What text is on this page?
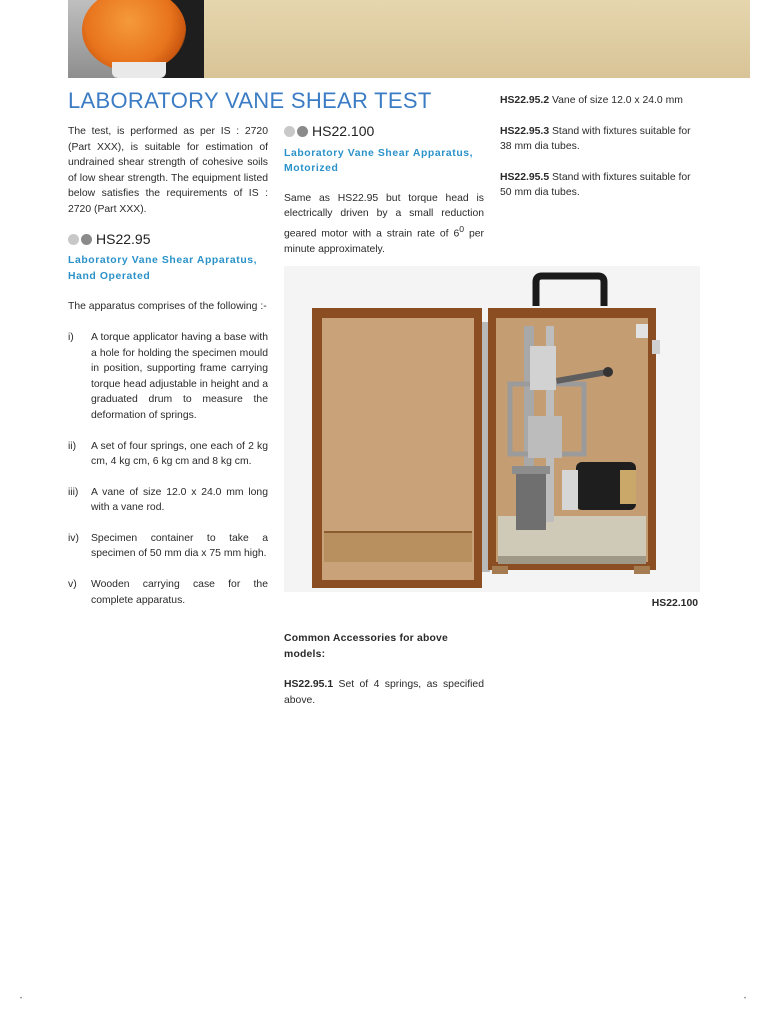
LABORATORY VANE SHEAR TEST

The test, is performed as per IS : 2720 (Part XXX), is suitable for estimation of undrained shear strength of cohesive soils of low shear strength. The equipment listed below satisfies the requirements of IS : 2720 (Part XXX).

HS22.95
Laboratory Vane Shear Apparatus,
Hand Operated

The apparatus comprises of the following :-

i)	A torque applicator having a base with a hole for holding the specimen mould in position, supporting frame carrying torque head adjustable in height and a graduated drum to measure the deformation of springs.
ii)	A set of four springs, one each of 2 kg cm, 4 kg cm, 6 kg cm and 8 kg cm.
iii)	A vane of size 12.0 x 24.0 mm long with a vane rod.
iv)	Specimen container to take a specimen of 50 mm dia x 75 mm high.
v)	Wooden carrying case for the complete apparatus.
HS22.100
Laboratory Vane Shear Apparatus,
Motorized

Same as HS22.95 but torque head is electrically driven by a small reduction geared motor with a strain rate of $6^0$ per minute approximately.

HS22.100

Common Accessories for above models:

HS22.95.1 Set of 4 springs, as specified above.

HS22.95.2 Vane of size 12.0 x 24.0 mm

HS22.95.3 Stand with fixtures suitable for 38 mm dia tubes.

HS22.95.5 Stand with fixtures suitable for 50 mm dia tubes.

•	•
